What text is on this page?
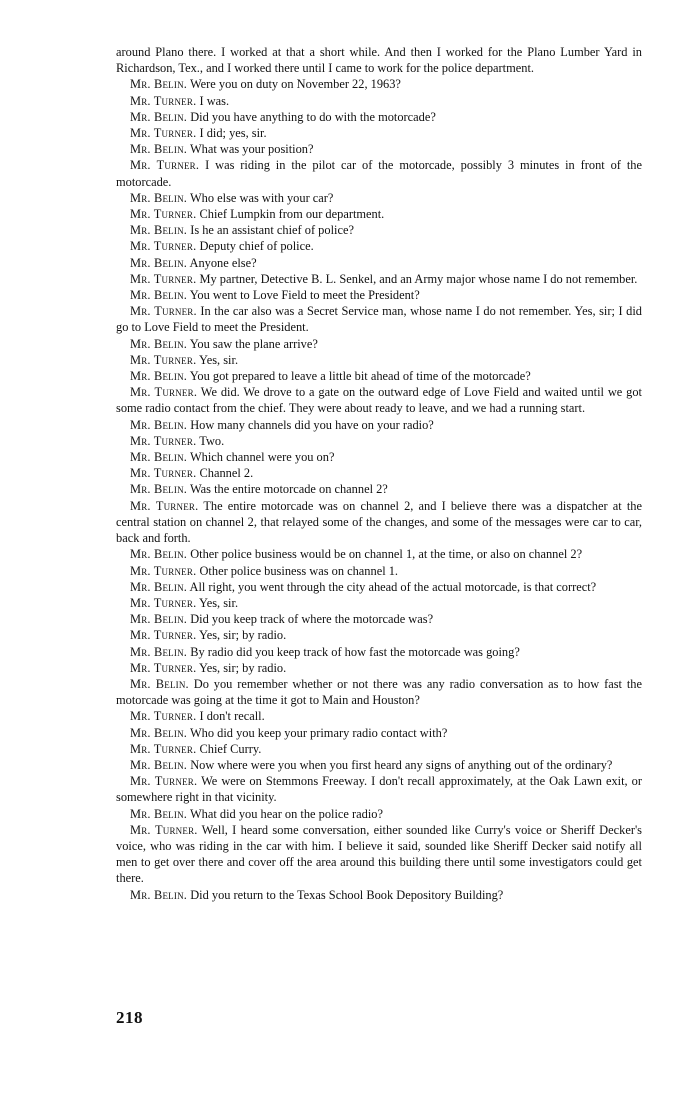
around Plano there. I worked at that a short while. And then I worked for the Plano Lumber Yard in Richardson, Tex., and I worked there until I came to work for the police department.

Mr. Belin. Were you on duty on November 22, 1963?

Mr. Turner. I was.

Mr. Belin. Did you have anything to do with the motorcade?

Mr. Turner. I did; yes, sir.

Mr. Belin. What was your position?

Mr. Turner. I was riding in the pilot car of the motorcade, possibly 3 minutes in front of the motorcade.

Mr. Belin. Who else was with your car?

Mr. Turner. Chief Lumpkin from our department.

Mr. Belin. Is he an assistant chief of police?

Mr. Turner. Deputy chief of police.

Mr. Belin. Anyone else?

Mr. Turner. My partner, Detective B. L. Senkel, and an Army major whose name I do not remember.

Mr. Belin. You went to Love Field to meet the President?

Mr. Turner. In the car also was a Secret Service man, whose name I do not remember. Yes, sir; I did go to Love Field to meet the President.

Mr. Belin. You saw the plane arrive?

Mr. Turner. Yes, sir.

Mr. Belin. You got prepared to leave a little bit ahead of time of the motorcade?

Mr. Turner. We did. We drove to a gate on the outward edge of Love Field and waited until we got some radio contact from the chief. They were about ready to leave, and we had a running start.

Mr. Belin. How many channels did you have on your radio?

Mr. Turner. Two.

Mr. Belin. Which channel were you on?

Mr. Turner. Channel 2.

Mr. Belin. Was the entire motorcade on channel 2?

Mr. Turner. The entire motorcade was on channel 2, and I believe there was a dispatcher at the central station on channel 2, that relayed some of the changes, and some of the messages were car to car, back and forth.

Mr. Belin. Other police business would be on channel 1, at the time, or also on channel 2?

Mr. Turner. Other police business was on channel 1.

Mr. Belin. All right, you went through the city ahead of the actual motorcade, is that correct?

Mr. Turner. Yes, sir.

Mr. Belin. Did you keep track of where the motorcade was?

Mr. Turner. Yes, sir; by radio.

Mr. Belin. By radio did you keep track of how fast the motorcade was going?

Mr. Turner. Yes, sir; by radio.

Mr. Belin. Do you remember whether or not there was any radio conversation as to how fast the motorcade was going at the time it got to Main and Houston?

Mr. Turner. I don't recall.

Mr. Belin. Who did you keep your primary radio contact with?

Mr. Turner. Chief Curry.

Mr. Belin. Now where were you when you first heard any signs of anything out of the ordinary?

Mr. Turner. We were on Stemmons Freeway. I don't recall approximately, at the Oak Lawn exit, or somewhere right in that vicinity.

Mr. Belin. What did you hear on the police radio?

Mr. Turner. Well, I heard some conversation, either sounded like Curry's voice or Sheriff Decker's voice, who was riding in the car with him. I believe it said, sounded like Sheriff Decker said notify all men to get over there and cover off the area around this building there until some investigators could get there.

Mr. Belin. Did you return to the Texas School Book Depository Building?

218
